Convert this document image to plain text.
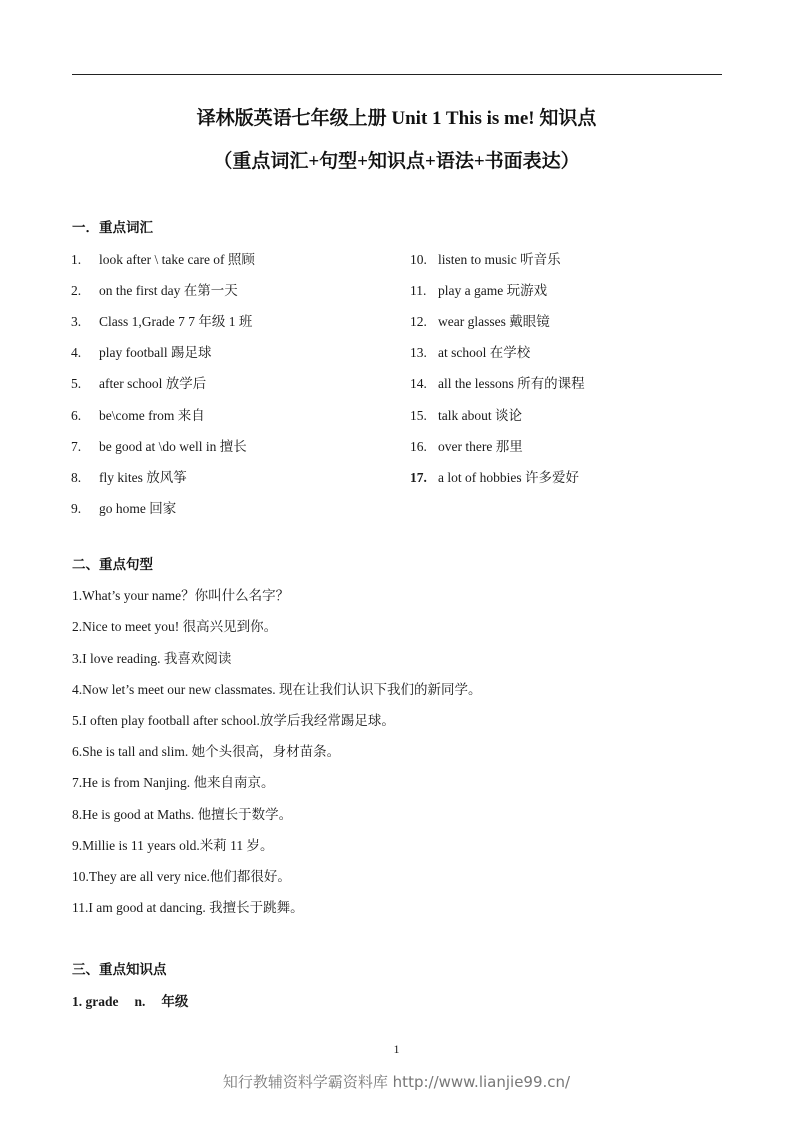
译林版英语七年级上册 Unit 1 This is me! 知识点
（重点词汇+句型+知识点+语法+书面表达）
一．重点词汇
1. look after \ take care of 照顾
2. on the first day 在第一天
3. Class 1,Grade 7 7 年级 1 班
4. play football 踢足球
5. after school 放学后
6. be\come from 来自
7. be good at \do well in 擅长
8. fly kites 放风筝
9. go home 回家
10. listen to music 听音乐
11. play a game 玩游戏
12. wear glasses 戴眼镜
13. at school 在学校
14. all the lessons 所有的课程
15. talk about 谈论
16. over there 那里
17. a lot of hobbies 许多爱好
二、重点句型
1.What’s your name？你叫什么名字？
2.Nice to meet you! 很高兴见到你。
3.I love reading. 我喜欢阅读
4.Now let’s meet our new classmates. 现在让我们认识下我们的新同学。
5.I often play football after school.放学后我经常踢足球。
6.She is tall and slim. 她个头很高，身材苗条。
7.He is from Nanjing. 他来自南京。
8.He is good at Maths. 他擅长于数学。
9.Millie is 11 years old.米莉 11 岁。
10.They are all very nice.他们都很好。
11.I am good at dancing. 我擅长于跳舞。
三、重点知识点
1. grade n. 年级
1
知行教辅资料学霸资料库 http://www.lianjie99.cn/
